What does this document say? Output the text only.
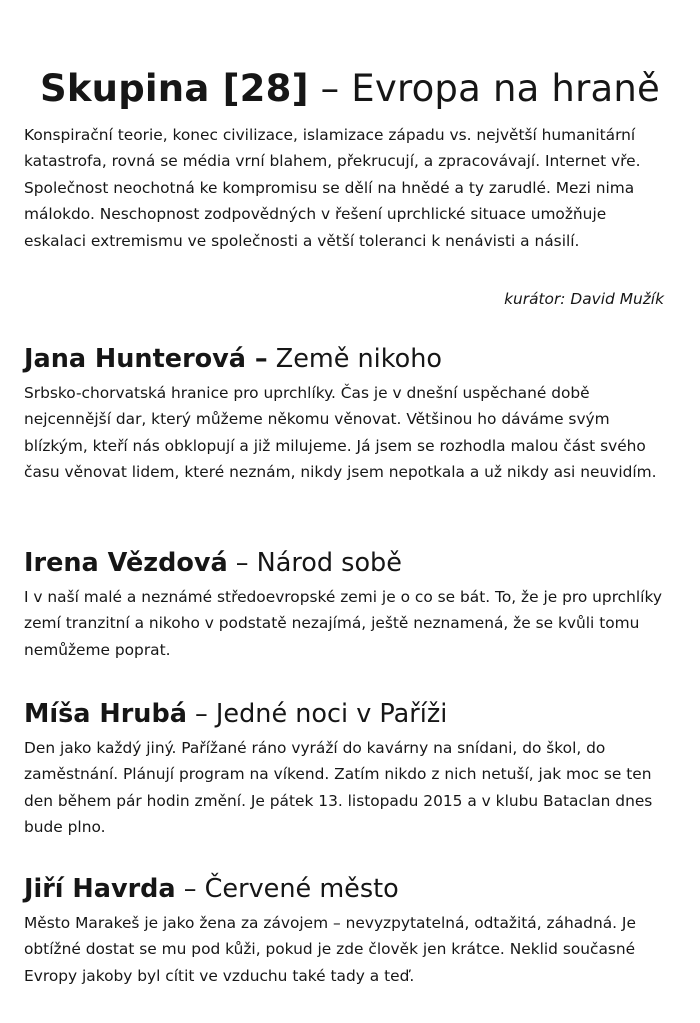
Skupina [28] – Evropa na hraně

Konspirační teorie, konec civilizace, islamizace západu vs. největší humanitární katastrofa, rovná se média vrní blahem, překrucují, a zpracovávají. Internet vře. Společnost neochotná ke kompromisu se dělí na hnědé a ty zarudlé. Mezi nima málokdo. Neschopnost zodpovědných v řešení uprchlické situace umožňuje eskalaci extremismu ve společnosti a větší toleranci k nenávisti a násilí.

kurátor: David Mužík
Jana Hunterová – Země nikoho

Srbsko-chorvatská hranice pro uprchlíky. Čas je v dnešní uspěchané době nejcennější dar, který můžeme někomu věnovat. Většinou ho dáváme svým blízkým, kteří nás obklopují a již milujeme. Já jsem se rozhodla malou část svého času věnovat lidem, které neznám, nikdy jsem nepotkala a už nikdy asi neuvidím.

Irena Vězdová – Národ sobě

I v naší malé a neznámé středoevropské zemi je o co se bát. To, že je pro uprchlíky zemí tranzitní a nikoho v podstatě nezajímá, ještě neznamená, že se kvůli tomu nemůžeme poprat.

Míša Hrubá – Jedné noci v Paříži

Den jako každý jiný. Pařížané ráno vyráží do kavárny na snídani, do škol, do zaměstnání. Plánují program na víkend. Zatím nikdo z nich netuší, jak moc se ten den během pár hodin změní. Je pátek 13. listopadu 2015 a v klubu Bataclan dnes bude plno.

Jiří Havrda – Červené město

Město Marakeš je jako žena za závojem – nevyzpytatelná, odtažitá, záhadná. Je obtížné dostat se mu pod kůži, pokud je zde člověk jen krátce. Neklid současné Evropy jakoby byl cítit ve vzduchu také tady a teď.
